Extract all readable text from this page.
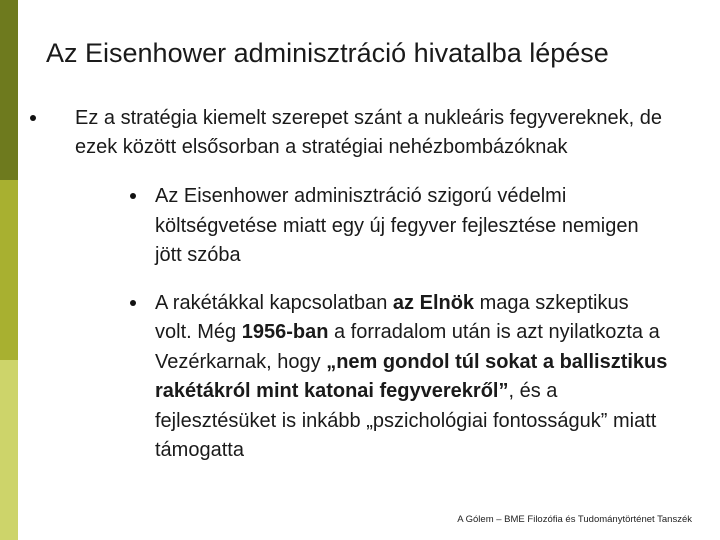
Az Eisenhower adminisztráció hivatalba lépése
Ez a stratégia kiemelt szerepet szánt a nukleáris fegyvereknek, de ezek között elsősorban a stratégiai nehézbombázóknak
Az Eisenhower adminisztráció szigorú védelmi költségvetése miatt egy új fegyver fejlesztése nemigen jött szóba
A rakétákkal kapcsolatban az Elnök maga szkeptikus volt. Még 1956-ban a forradalom után is azt nyilatkozta a Vezérkarnak, hogy „nem gondol túl sokat a ballisztikus rakétákról mint katonai fegyverekről”, és a fejlesztésüket is inkább „pszichológiai fontosságuk” miatt támogatta
A Gólem – BME Filozófia és Tudománytörténet Tanszék
